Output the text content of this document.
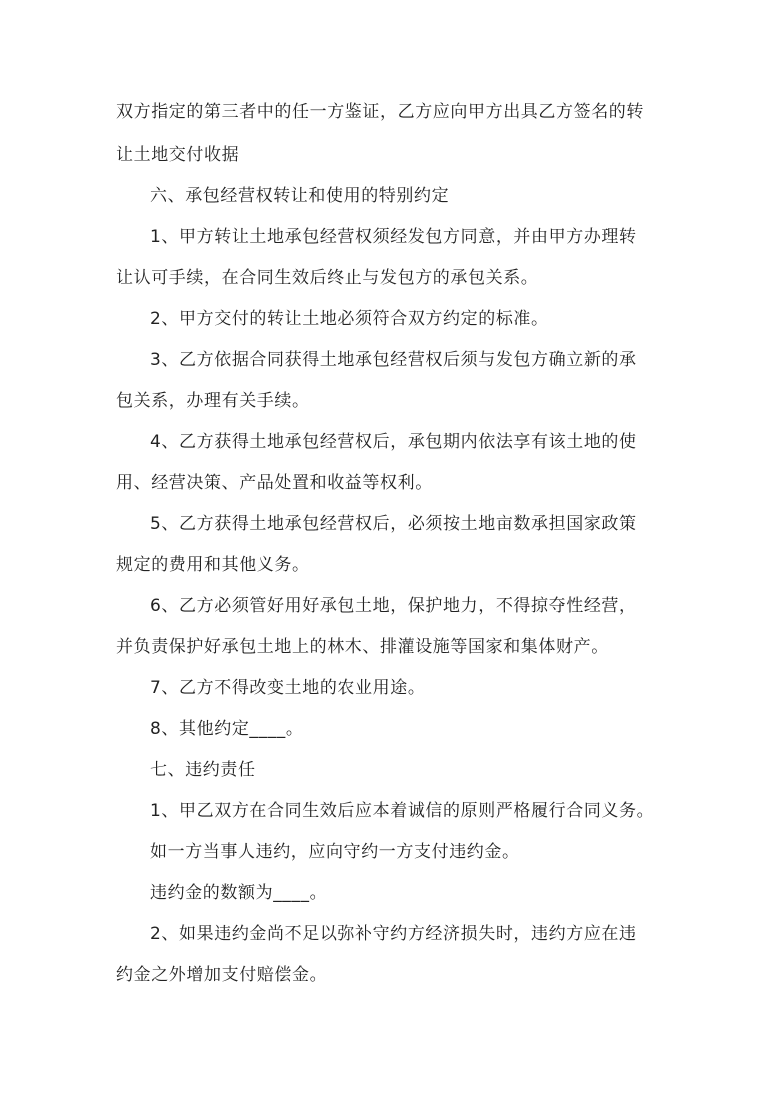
双方指定的第三者中的任一方鉴证，乙方应向甲方出具乙方签名的转
让土地交付收据
六、承包经营权转让和使用的特别约定
1、甲方转让土地承包经营权须经发包方同意，并由甲方办理转
让认可手续，在合同生效后终止与发包方的承包关系。
2、甲方交付的转让土地必须符合双方约定的标准。
3、乙方依据合同获得土地承包经营权后须与发包方确立新的承
包关系，办理有关手续。
4、乙方获得土地承包经营权后，承包期内依法享有该土地的使
用、经营决策、产品处置和收益等权利。
5、乙方获得土地承包经营权后，必须按土地亩数承担国家政策
规定的费用和其他义务。
6、乙方必须管好用好承包土地，保护地力，不得掠夺性经营，
并负责保护好承包土地上的林木、排灌设施等国家和集体财产。
7、乙方不得改变土地的农业用途。
8、其他约定____。
七、违约责任
1、甲乙双方在合同生效后应本着诚信的原则严格履行合同义务。
如一方当事人违约，应向守约一方支付违约金。
违约金的数额为____。
2、如果违约金尚不足以弥补守约方经济损失时，违约方应在违
约金之外增加支付赔偿金。
